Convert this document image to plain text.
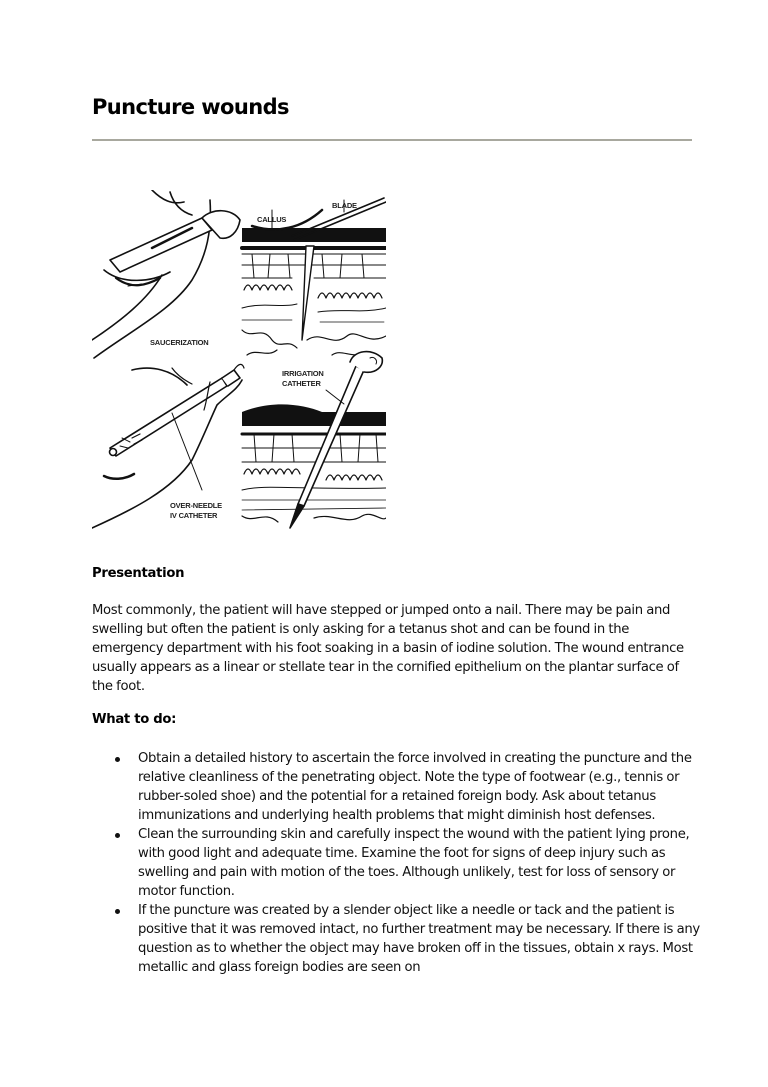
Puncture wounds
SAUCERIZATION
CALLUS
BLADE
OVER-NEEDLE
IV CATHETER
IRRIGATION
CATHETER
Presentation

Most commonly, the patient will have stepped or jumped onto a nail. There may be pain and swelling but often the patient is only asking for a tetanus shot and can be found in the emergency department with his foot soaking in a basin of iodine solution. The wound entrance usually appears as a linear or stellate tear in the cornified epithelium on the plantar surface of the foot.

What to do:
Obtain a detailed history to ascertain the force involved in creating the puncture and the relative cleanliness of the penetrating object. Note the type of footwear (e.g., tennis or rubber-soled shoe) and the potential for a retained foreign body. Ask about tetanus immunizations and underlying health problems that might diminish host defenses.
Clean the surrounding skin and carefully inspect the wound with the patient lying prone, with good light and adequate time. Examine the foot for signs of deep injury such as swelling and pain with motion of the toes. Although unlikely, test for loss of sensory or motor function.
If the puncture was created by a slender object like a needle or tack and the patient is positive that it was removed intact, no further treatment may be necessary. If there is any question as to whether the object may have broken off in the tissues, obtain x rays. Most metallic and glass foreign bodies are seen on
